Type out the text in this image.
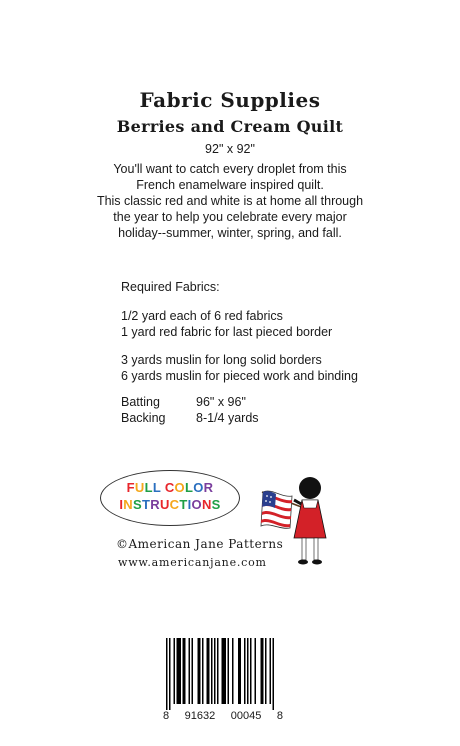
Fabric Supplies
Berries and Cream Quilt
92" x 92"
You'll want to catch every droplet from this
French enamelware inspired quilt.
This classic red and white is at home all through
the year to help you celebrate every major
holiday--summer, winter, spring, and fall.
Required Fabrics:
1/2 yard each of 6 red fabrics
1 yard red fabric for last pieced border
3 yards muslin for long solid borders
6 yards muslin for pieced work and binding
Batting	96" x 96"
Backing 8-1/4 yards
FULL COLOR
INSTRUCTIONS
©American Jane Patterns
www.americanjane.com
8 91632 00045 8
